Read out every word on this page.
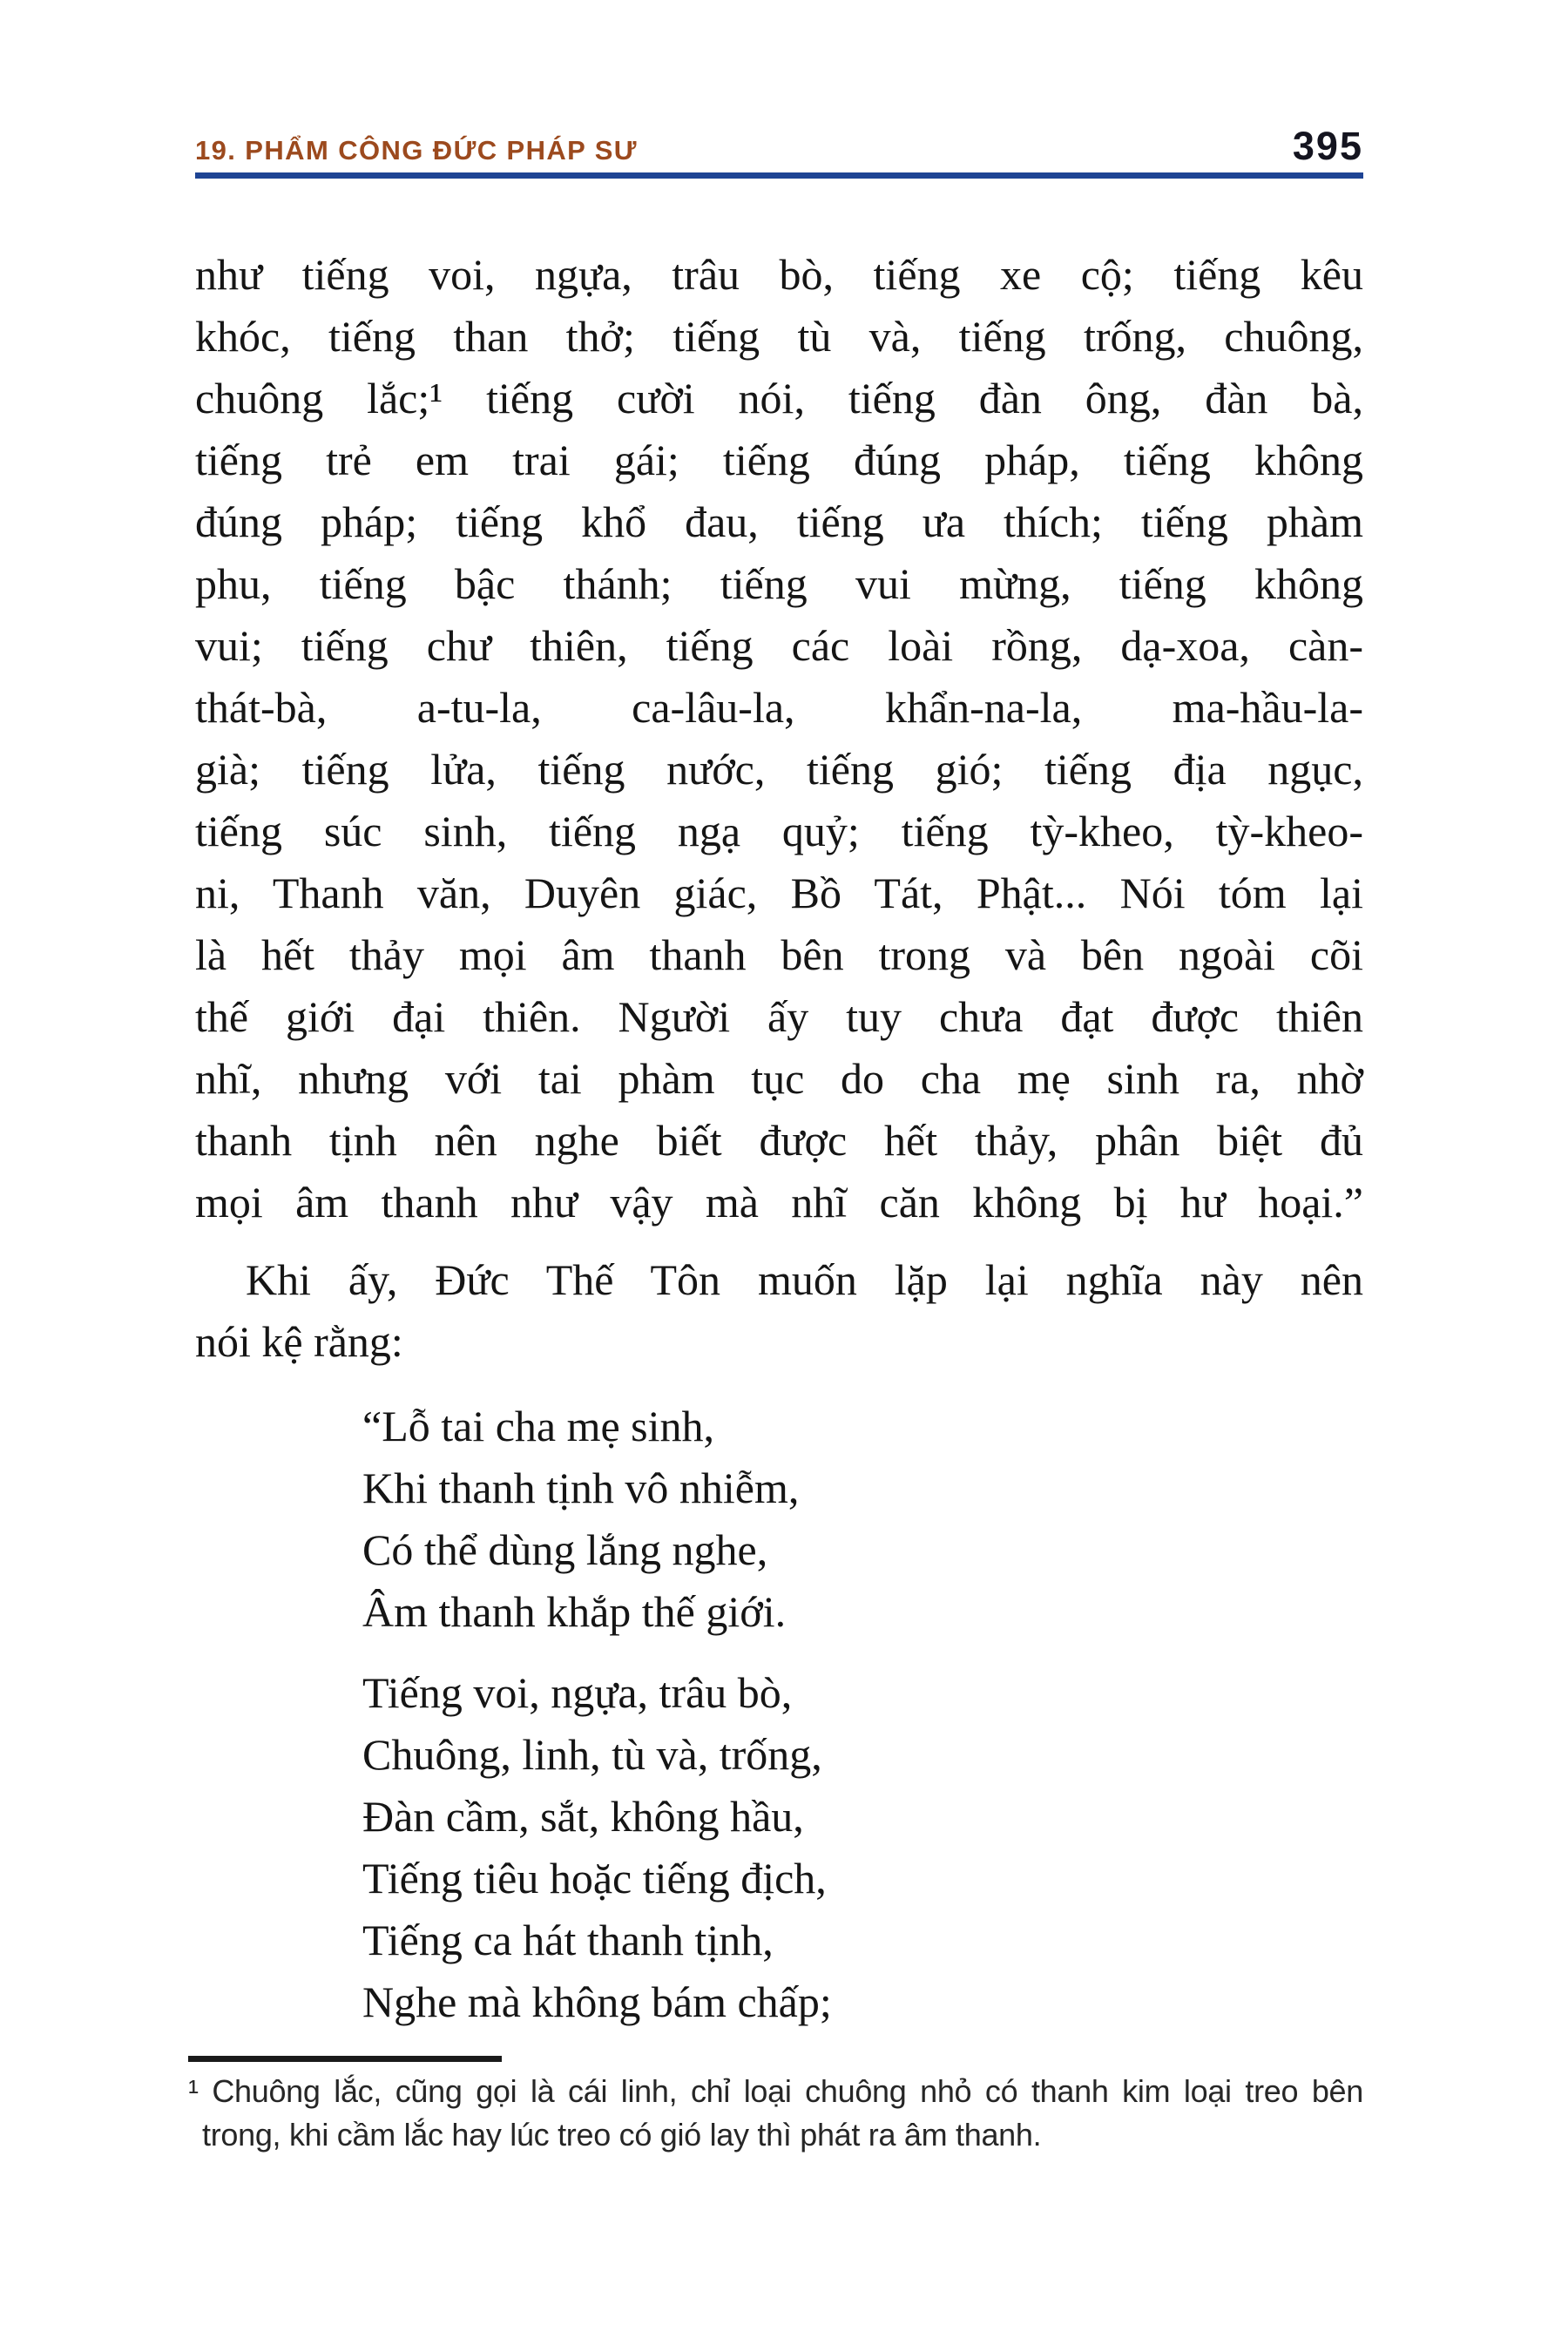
19. PHẨM CÔNG ĐỨC PHÁP SƯ	395
như tiếng voi, ngựa, trâu bò, tiếng xe cộ; tiếng kêu
khóc, tiếng than thở; tiếng tù và, tiếng trống, chuông,
chuông lắc;¹ tiếng cười nói, tiếng đàn ông, đàn bà,
tiếng trẻ em trai gái; tiếng đúng pháp, tiếng không
đúng pháp; tiếng khổ đau, tiếng ưa thích; tiếng phàm
phu, tiếng bậc thánh; tiếng vui mừng, tiếng không
vui; tiếng chư thiên, tiếng các loài rồng, dạ-xoa, càn-
thát-bà, a-tu-la, ca-lâu-la, khẩn-na-la, ma-hầu-la-
già; tiếng lửa, tiếng nước, tiếng gió; tiếng địa ngục,
tiếng súc sinh, tiếng ngạ quỷ; tiếng tỳ-kheo, tỳ-kheo-
ni, Thanh văn, Duyên giác, Bồ Tát, Phật... Nói tóm lại
là hết thảy mọi âm thanh bên trong và bên ngoài cõi
thế giới đại thiên. Người ấy tuy chưa đạt được thiên
nhĩ, nhưng với tai phàm tục do cha mẹ sinh ra, nhờ
thanh tịnh nên nghe biết được hết thảy, phân biệt đủ
mọi âm thanh như vậy mà nhĩ căn không bị hư hoại.”
Khi ấy, Đức Thế Tôn muốn lặp lại nghĩa này nên
nói kệ rằng:
“Lỗ tai cha mẹ sinh,
Khi thanh tịnh vô nhiễm,
Có thể dùng lắng nghe,
Âm thanh khắp thế giới.
Tiếng voi, ngựa, trâu bò,
Chuông, linh, tù và, trống,
Đàn cầm, sắt, không hầu,
Tiếng tiêu hoặc tiếng địch,
Tiếng ca hát thanh tịnh,
Nghe mà không bám chấp;
¹ Chuông lắc, cũng gọi là cái linh, chỉ loại chuông nhỏ có thanh kim loại treo bên
trong, khi cầm lắc hay lúc treo có gió lay thì phát ra âm thanh.
